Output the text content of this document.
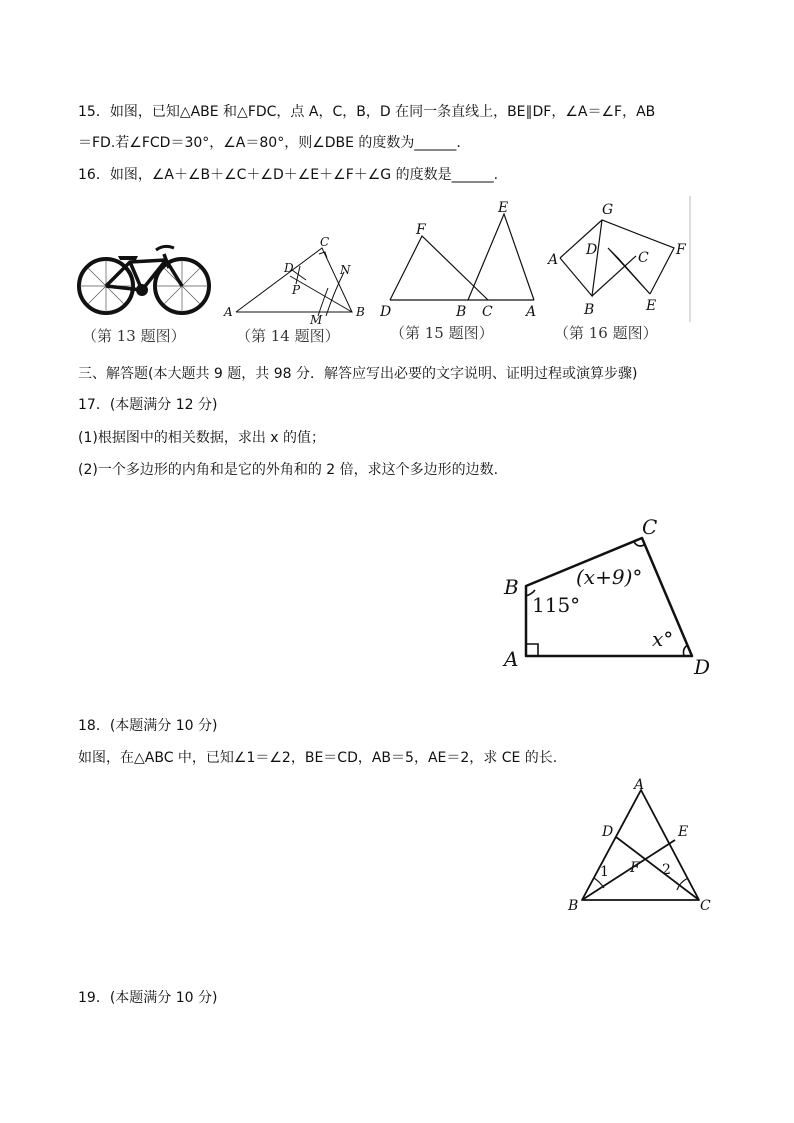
15．如图，已知△ABE 和△FDC，点 A，C，B，D 在同一条直线上，BE∥DF，∠A＝∠F，AB
＝FD.若∠FCD＝30°，∠A＝80°，则∠DBE 的度数为______.
16．如图，∠A＋∠B＋∠C＋∠D＋∠E＋∠F＋∠G 的度数是______.
（第 13 题图）
A	B
C
D	N
P
M
（第 14 题图）
F
E
D	B C A
（第 15 题图）
G
F
A
D	C
B	E
（第 16 题图）
三、解答题(本大题共 9 题，共 98 分．解答应写出必要的文字说明、证明过程或演算步骤)
17．(本题满分 12 分)
(1)根据图中的相关数据，求出 x 的值；
(2)一个多边形的内角和是它的外角和的 2 倍，求这个多边形的边数.
A
B
C
D
115°
(x+9)°
x°
18．(本题满分 10 分)
如图，在△ABC 中，已知∠1＝∠2，BE＝CD，AB＝5，AE＝2，求 CE 的长.
A
D	E
F
B	C
1	2
19．(本题满分 10 分)
